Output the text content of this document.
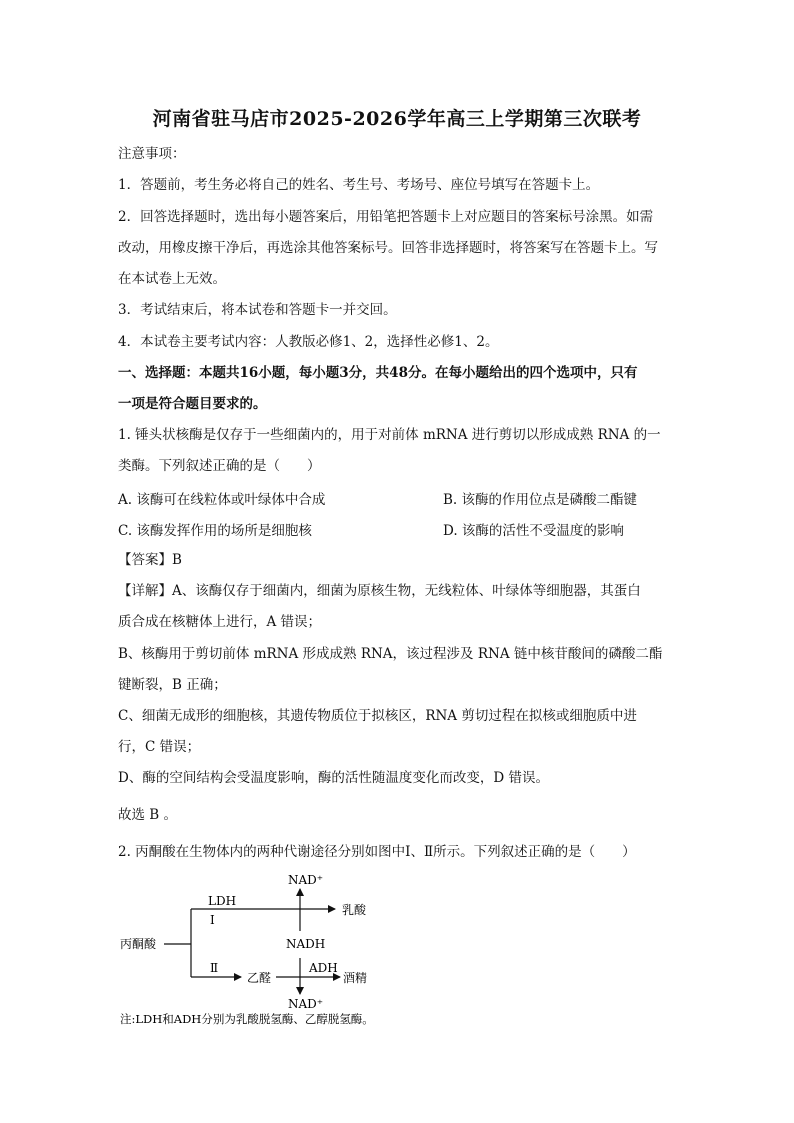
河南省驻马店市2025-2026学年高三上学期第三次联考
注意事项：
1．答题前，考生务必将自己的姓名、考生号、考场号、座位号填写在答题卡上。
2．回答选择题时，选出每小题答案后，用铅笔把答题卡上对应题目的答案标号涂黑。如需
改动，用橡皮擦干净后，再选涂其他答案标号。回答非选择题时，将答案写在答题卡上。写
在本试卷上无效。
3．考试结束后，将本试卷和答题卡一并交回。
4．本试卷主要考试内容：人教版必修1、2，选择性必修1、2。
一、选择题：本题共16小题，每小题3分，共48分。在每小题给出的四个选项中，只有
一项是符合题目要求的。
1. 锤头状核酶是仅存于一些细菌内的，用于对前体 mRNA 进行剪切以形成成熟 RNA 的一
类酶。下列叙述正确的是（　　）
A. 该酶可在线粒体或叶绿体中合成	B. 该酶的作用位点是磷酸二酯键
C. 该酶发挥作用的场所是细胞核	D. 该酶的活性不受温度的影响
【答案】B
【详解】A、该酶仅存于细菌内，细菌为原核生物，无线粒体、叶绿体等细胞器，其蛋白
质合成在核糖体上进行，A 错误；
B、核酶用于剪切前体 mRNA 形成成熟 RNA，该过程涉及 RNA 链中核苷酸间的磷酸二酯
键断裂，B 正确；
C、细菌无成形的细胞核，其遗传物质位于拟核区，RNA 剪切过程在拟核或细胞质中进
行，C 错误；
D、酶的空间结构会受温度影响，酶的活性随温度变化而改变，D 错误。
故选 B 。
2. 丙酮酸在生物体内的两种代谢途径分别如图中Ⅰ、Ⅱ所示。下列叙述正确的是（　　）
NAD⁺
LDH
Ⅰ
乳酸
丙酮酸	NADH
Ⅱ
乙醛
ADH
酒精
NAD⁺
注:LDH和ADH分别为乳酸脱氢酶、乙醇脱氢酶。
